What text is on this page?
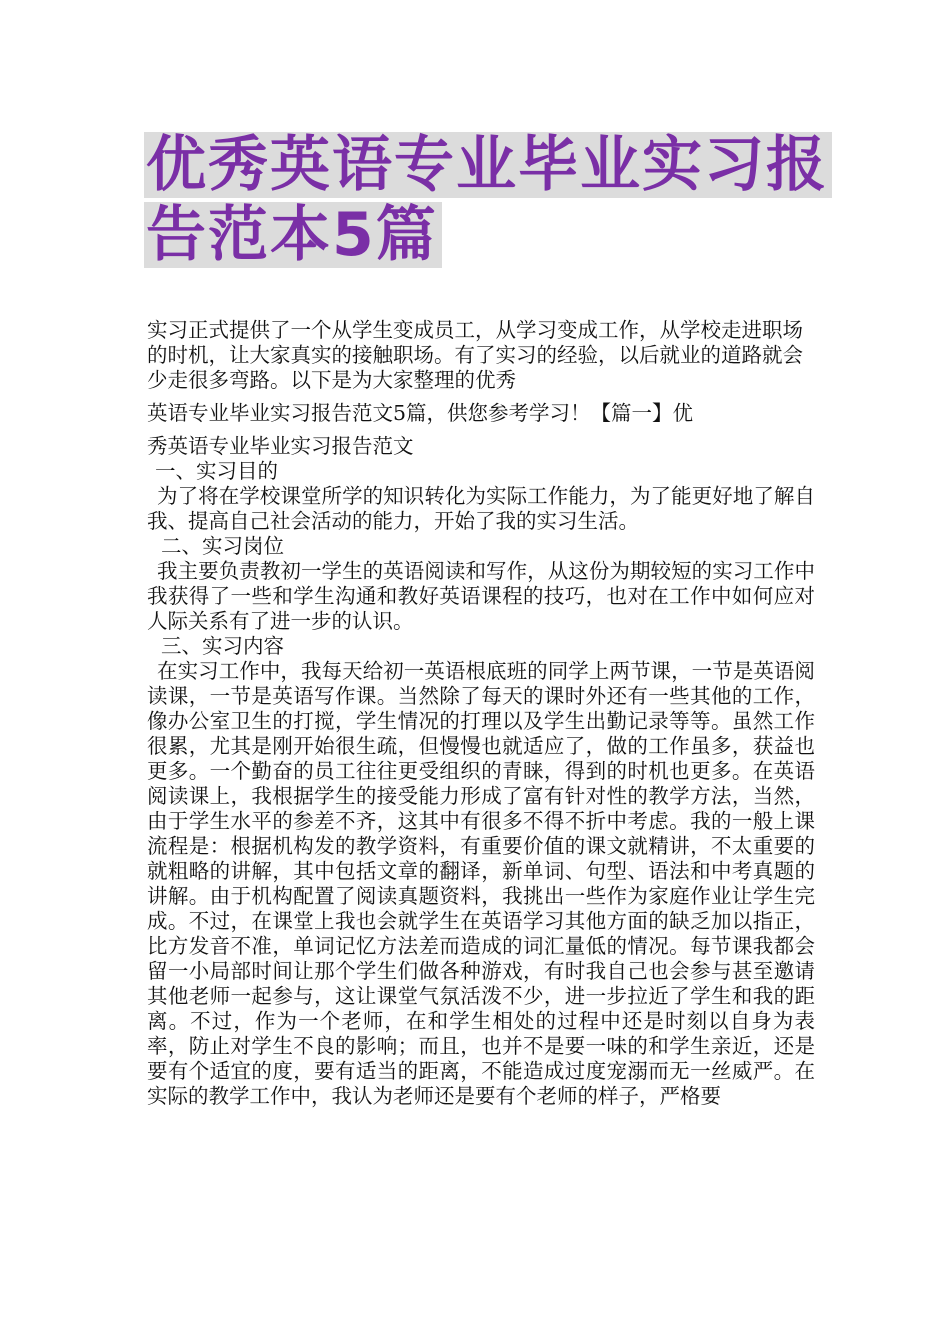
优秀英语专业毕业实习报
告范本5篇

实习正式提供了一个从学生变成员工，从学习变成工作，从学校走进职场的时机，让大家真实的接触职场。有了实习的经验，以后就业的道路就会少走很多弯路。以下是为大家整理的优秀

英语专业毕业实习报告范文5篇，供您参考学习！【篇一】优

秀英语专业毕业实习报告范文

一、实习目的

为了将在学校课堂所学的知识转化为实际工作能力，为了能更好地了解自我、提高自己社会活动的能力，开始了我的实习生活。

二、实习岗位

我主要负责教初一学生的英语阅读和写作，从这份为期较短的实习工作中我获得了一些和学生沟通和教好英语课程的技巧，也对在工作中如何应对人际关系有了进一步的认识。

三、实习内容

在实习工作中，我每天给初一英语根底班的同学上两节课，一节是英语阅读课，一节是英语写作课。当然除了每天的课时外还有一些其他的工作，像办公室卫生的打搅，学生情况的打理以及学生出勤记录等等。虽然工作很累，尤其是刚开始很生疏，但慢慢也就适应了，做的工作虽多，获益也更多。一个勤奋的员工往往更受组织的青睐，得到的时机也更多。在英语阅读课上，我根据学生的接受能力形成了富有针对性的教学方法，当然，由于学生水平的参差不齐，这其中有很多不得不折中考虑。我的一般上课流程是：根据机构发的教学资料，有重要价值的课文就精讲，不太重要的就粗略的讲解，其中包括文章的翻译，新单词、句型、语法和中考真题的讲解。由于机构配置了阅读真题资料，我挑出一些作为家庭作业让学生完成。不过，在课堂上我也会就学生在英语学习其他方面的缺乏加以指正，比方发音不准，单词记忆方法差而造成的词汇量低的情况。每节课我都会留一小局部时间让那个学生们做各种游戏，有时我自己也会参与甚至邀请其他老师一起参与，这让课堂气氛活泼不少，进一步拉近了学生和我的距离。不过，作为一个老师，在和学生相处的过程中还是时刻以自身为表率，防止对学生不良的影响；而且，也并不是要一味的和学生亲近，还是要有个适宜的度，要有适当的距离，不能造成过度宠溺而无一丝威严。在实际的教学工作中，我认为老师还是要有个老师的样子，严格要
